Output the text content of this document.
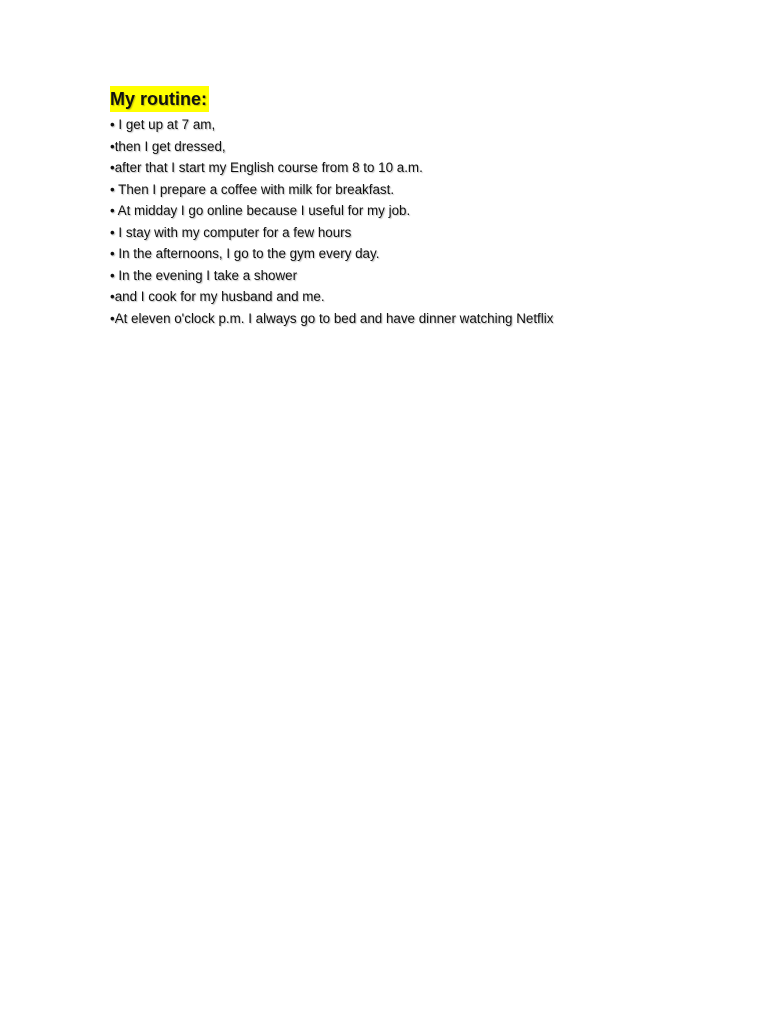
My routine:
• I get up at 7 am,
•then I get dressed,
•after that I start my English course from 8 to 10 a.m.
• Then I prepare a coffee with milk for breakfast.
• At midday I go online because I useful for my job.
• I stay with my computer for a few hours
• In the afternoons, I go to the gym every day.
• In the evening I take a shower
•and I cook for my husband and me.
•At eleven o'clock p.m. I always go to bed and have dinner watching Netflix
